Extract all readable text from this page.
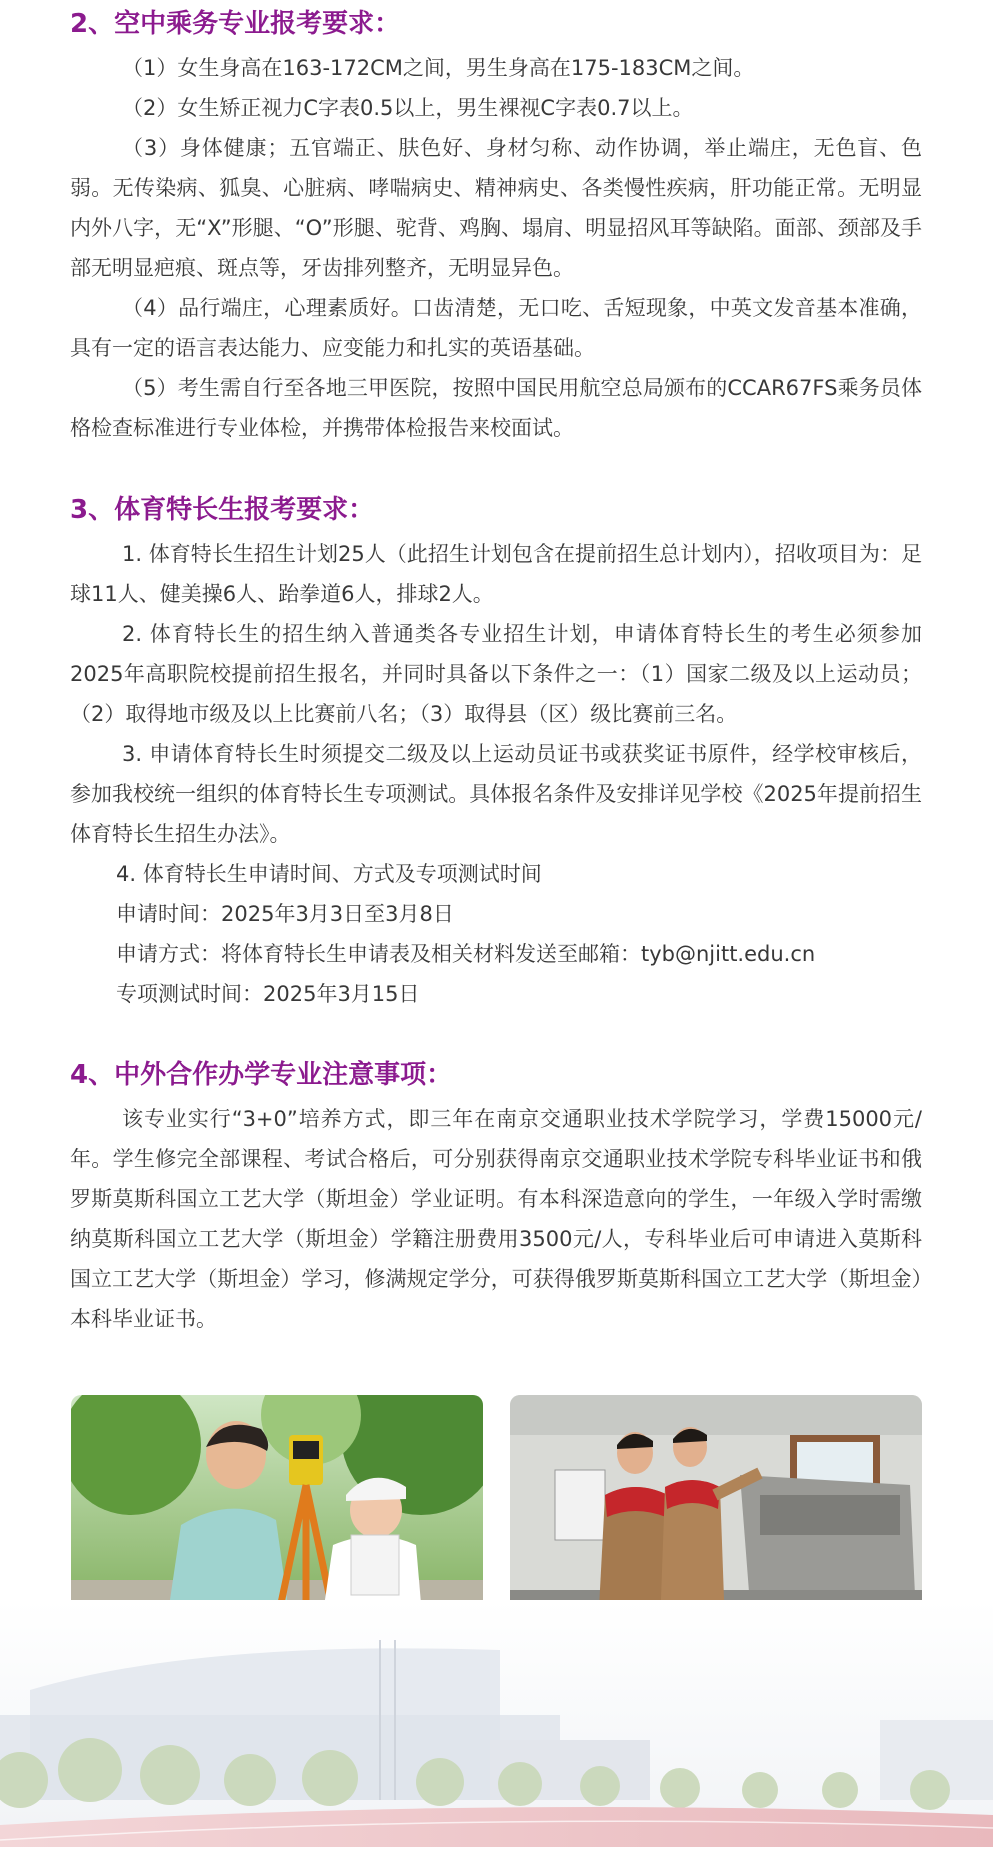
2、空中乘务专业报考要求：
（1）女生身高在163-172CM之间，男生身高在175-183CM之间。
（2）女生矫正视力C字表0.5以上，男生裸视C字表0.7以上。
（3）身体健康；五官端正、肤色好、身材匀称、动作协调，举止端庄，无色盲、色弱。无传染病、狐臭、心脏病、哮喘病史、精神病史、各类慢性疾病，肝功能正常。无明显内外八字，无“X”形腿、“O”形腿、驼背、鸡胸、塌肩、明显招风耳等缺陷。面部、颈部及手部无明显疤痕、斑点等，牙齿排列整齐，无明显异色。
（4）品行端庄，心理素质好。口齿清楚，无口吃、舌短现象，中英文发音基本准确，具有一定的语言表达能力、应变能力和扎实的英语基础。
（5）考生需自行至各地三甲医院，按照中国民用航空总局颁布的CCAR67FS乘务员体格检查标准进行专业体检，并携带体检报告来校面试。
3、体育特长生报考要求：
1. 体育特长生招生计划25人（此招生计划包含在提前招生总计划内），招收项目为：足球11人、健美操6人、跆拳道6人，排球2人。
2. 体育特长生的招生纳入普通类各专业招生计划，申请体育特长生的考生必须参加2025年高职院校提前招生报名，并同时具备以下条件之一：（1）国家二级及以上运动员；（2）取得地市级及以上比赛前八名；（3）取得县（区）级比赛前三名。
3. 申请体育特长生时须提交二级及以上运动员证书或获奖证书原件，经学校审核后，参加我校统一组织的体育特长生专项测试。具体报名条件及安排详见学校《2025年提前招生体育特长生招生办法》。
4. 体育特长生申请时间、方式及专项测试时间
申请时间：2025年3月3日至3月8日
申请方式：将体育特长生申请表及相关材料发送至邮箱：tyb@njitt.edu.cn
专项测试时间：2025年3月15日
4、中外合作办学专业注意事项：
该专业实行“3+0”培养方式，即三年在南京交通职业技术学院学习，学费15000元/年。学生修完全部课程、考试合格后，可分别获得南京交通职业技术学院专科毕业证书和俄罗斯莫斯科国立工艺大学（斯坦金）学业证明。有本科深造意向的学生，一年级入学时需缴纳莫斯科国立工艺大学（斯坦金）学籍注册费用3500元/人，专科毕业后可申请进入莫斯科国立工艺大学（斯坦金）学习，修满规定学分，可获得俄罗斯莫斯科国立工艺大学（斯坦金）本科毕业证书。
